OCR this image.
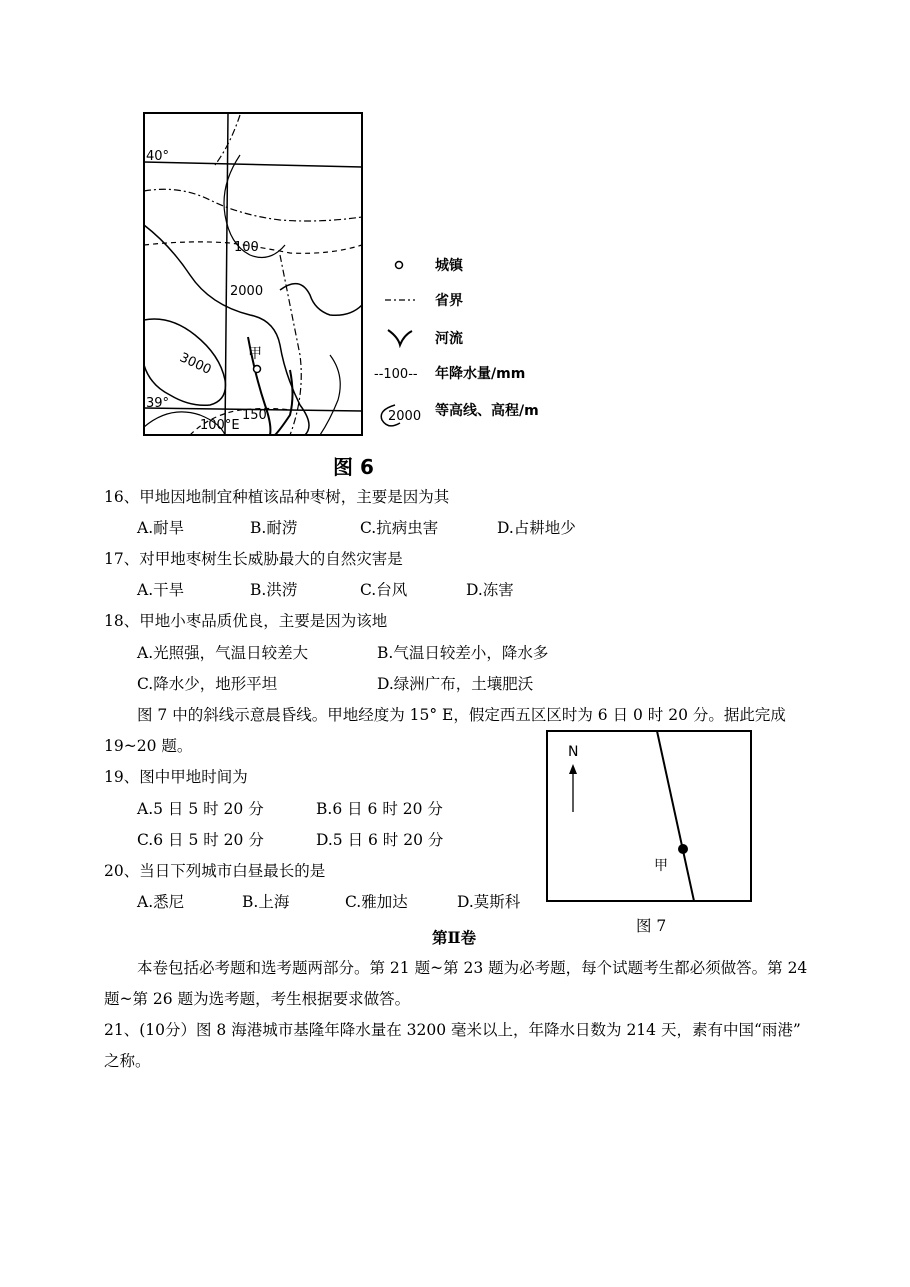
40°
39°
100°E
100
150
2000
3000 甲
城镇
省界
河流
--100-- 年降水量/mm
2000 等高线、高程/m
图 6
16、甲地因地制宜种植该品种枣树，主要是因为其
A.耐旱	B.耐涝	C.抗病虫害	D.占耕地少
17、对甲地枣树生长威胁最大的自然灾害是
A.干旱	B.洪涝	C.台风	D.冻害
18、甲地小枣品质优良，主要是因为该地
A.光照强，气温日较差大	B.气温日较差小，降水多
C.降水少，地形平坦	D.绿洲广布，土壤肥沃
图 7 中的斜线示意晨昏线。甲地经度为 15° E，假定西五区区时为 6 日 0 时 20 分。据此完成
19~20 题。	N
甲
19、图中甲地时间为
A.5 日 5 时 20 分	B.6 日 6 时 20 分
C.6 日 5 时 20 分	D.5 日 6 时 20 分
20、当日下列城市白昼最长的是
A.悉尼	B.上海	C.雅加达	D.莫斯科
图 7
第Ⅱ卷
本卷包括必考题和选考题两部分。第 21 题~第 23 题为必考题，每个试题考生都必须做答。第 24
题~第 26 题为选考题，考生根据要求做答。
21、(10分）图 8 海港城市基隆年降水量在 3200 毫米以上，年降水日数为 214 天，素有中国“雨港”
之称。
